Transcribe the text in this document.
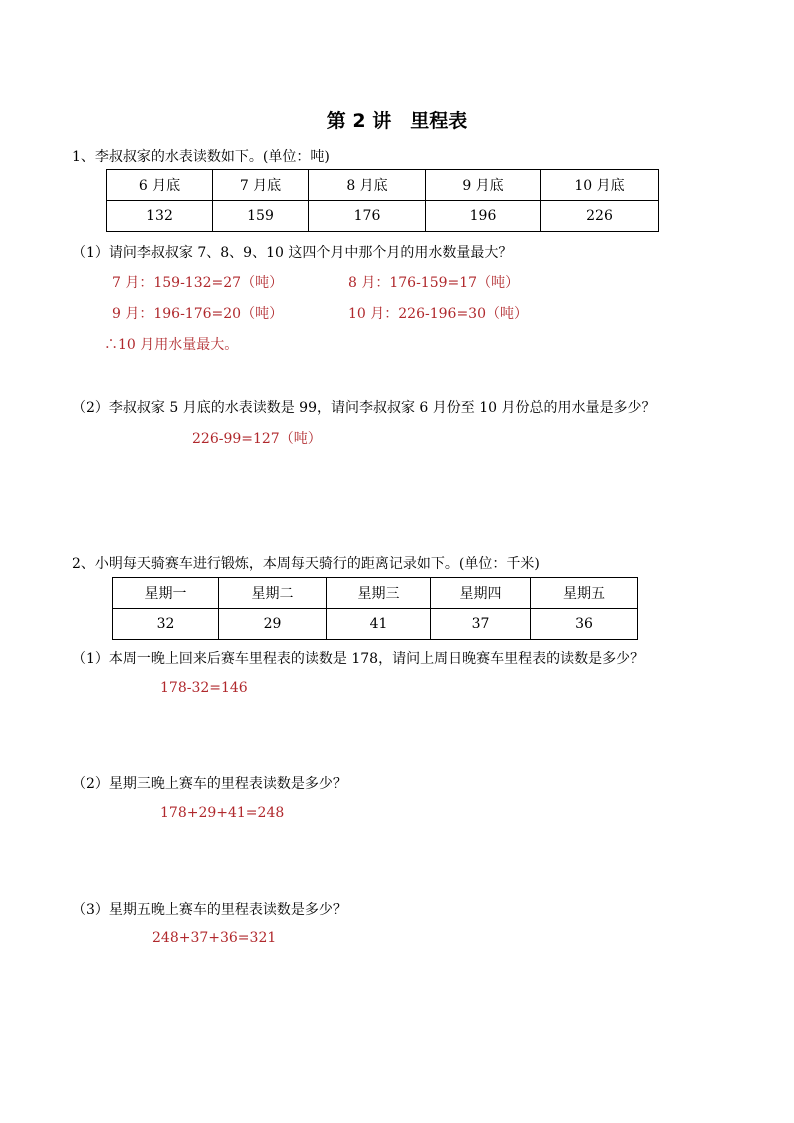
第 2 讲　里程表
1、李叔叔家的水表读数如下。(单位：吨)
6 月底	7 月底	8 月底	9 月底	10 月底
132	159	176	196	226
（1）请问李叔叔家 7、8、9、10 这四个月中那个月的用水数量最大？
7 月：159-132=27（吨）	8 月：176-159=17（吨）
9 月：196-176=20（吨）	10 月：226-196=30（吨）
∴10 月用水量最大。
（2）李叔叔家 5 月底的水表读数是 99，请问李叔叔家 6 月份至 10 月份总的用水量是多少？
226-99=127（吨）
2、小明每天骑赛车进行锻炼，本周每天骑行的距离记录如下。(单位：千米)
星期一	星期二	星期三	星期四	星期五
32	29	41	37	36
（1）本周一晚上回来后赛车里程表的读数是 178，请问上周日晚赛车里程表的读数是多少？
178-32=146
（2）星期三晚上赛车的里程表读数是多少？
178+29+41=248
（3）星期五晚上赛车的里程表读数是多少？
248+37+36=321
